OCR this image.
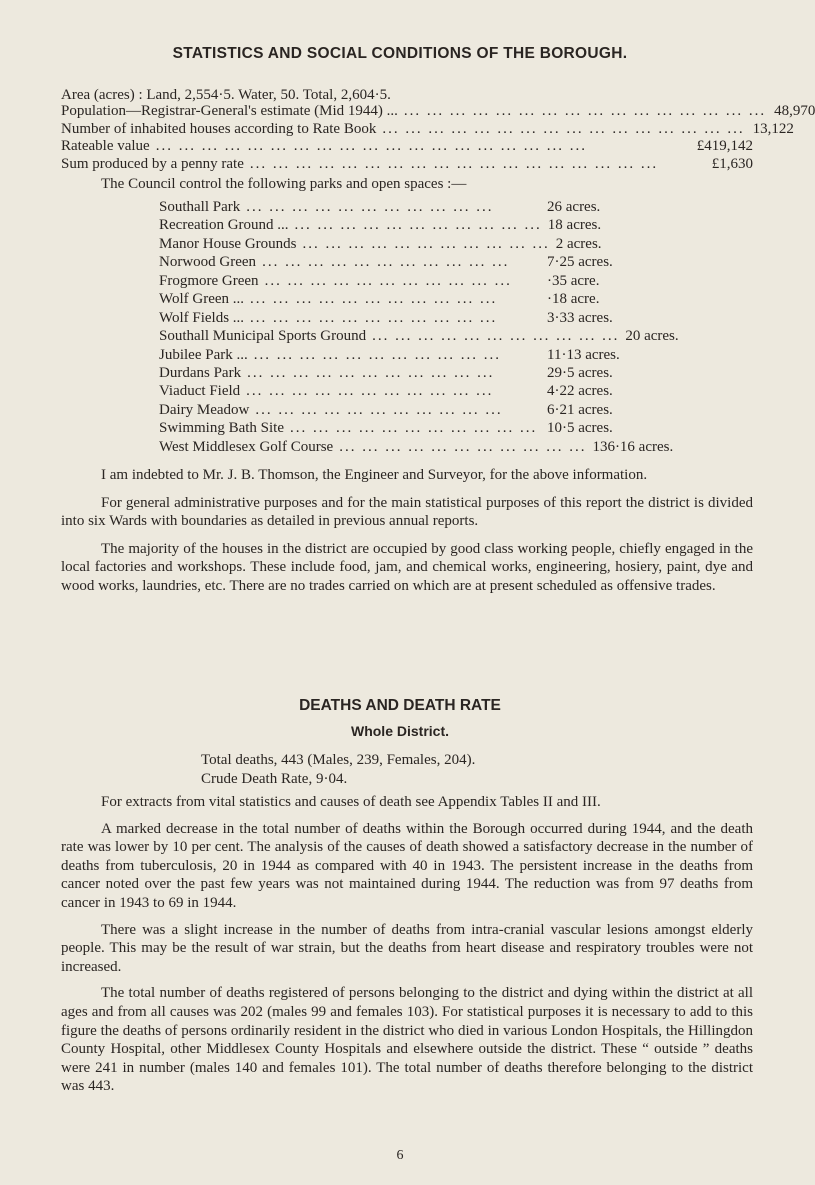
STATISTICS AND SOCIAL CONDITIONS OF THE BOROUGH.
Area (acres) : Land, 2,554·5. Water, 50. Total, 2,604·5.
Population—Registrar-General's estimate (Mid 1944) ... ... ... ... ... ... ... ... ... ... ... ... ... ... ... ... ... 48,970
Number of inhabited houses according to Rate Book ... ... ... ... ... ... ... ... ... ... ... ... ... ... ... ... 13,122
Rateable value ... ... ... ... ... ... ... ... ... ... ... ... ... ... ... ... ... ... ...	£419,142
Sum produced by a penny rate ... ... ... ... ... ... ... ... ... ... ... ... ... ... ... ... ... ...	£1,630
The Council control the following parks and open spaces :—
Southall Park ... ... ... ... ... ... ... ... ... ... ...	26 acres.
Recreation Ground ... ... ... ... ... ... ... ... ... ... ... ... 18 acres.
Manor House Grounds ... ... ... ... ... ... ... ... ... ... ... 2 acres.
Norwood Green ... ... ... ... ... ... ... ... ... ... ...	7·25 acres.
Frogmore Green ... ... ... ... ... ... ... ... ... ... ...	·35 acre.
Wolf Green ... ... ... ... ... ... ... ... ... ... ... ...	·18 acre.
Wolf Fields ... ... ... ... ... ... ... ... ... ... ... ...	3·33 acres.
Southall Municipal Sports Ground ... ... ... ... ... ... ... ... ... ... ... 20 acres.
Jubilee Park ... ... ... ... ... ... ... ... ... ... ... ...	11·13 acres.
Durdans Park ... ... ... ... ... ... ... ... ... ... ...	29·5 acres.
Viaduct Field ... ... ... ... ... ... ... ... ... ... ...	4·22 acres.
Dairy Meadow ... ... ... ... ... ... ... ... ... ... ...	6·21 acres.
Swimming Bath Site ... ... ... ... ... ... ... ... ... ... ... 10·5 acres.
West Middlesex Golf Course ... ... ... ... ... ... ... ... ... ... ... 136·16 acres.

I am indebted to Mr. J. B. Thomson, the Engineer and Surveyor, for the above information.

For general administrative purposes and for the main statistical purposes of this report the district is divided into six Wards with boundaries as detailed in previous annual reports.

The majority of the houses in the district are occupied by good class working people, chiefly engaged in the local factories and workshops. These include food, jam, and chemical works, engineering, hosiery, paint, dye and wood works, laundries, etc. There are no trades carried on which are at present scheduled as offensive trades.

DEATHS AND DEATH RATE
Whole District.
Total deaths, 443 (Males, 239, Females, 204).
Crude Death Rate, 9·04.

For extracts from vital statistics and causes of death see Appendix Tables II and III.

A marked decrease in the total number of deaths within the Borough occurred during 1944, and the death rate was lower by 10 per cent. The analysis of the causes of death showed a satisfactory decrease in the number of deaths from tuberculosis, 20 in 1944 as compared with 40 in 1943. The persistent increase in the deaths from cancer noted over the past few years was not maintained during 1944. The reduction was from 97 deaths from cancer in 1943 to 69 in 1944.

There was a slight increase in the number of deaths from intra-cranial vascular lesions amongst elderly people. This may be the result of war strain, but the deaths from heart disease and respiratory troubles were not increased.

The total number of deaths registered of persons belonging to the district and dying within the district at all ages and from all causes was 202 (males 99 and females 103). For statistical purposes it is necessary to add to this figure the deaths of persons ordinarily resident in the district who died in various London Hospitals, the Hillingdon County Hospital, other Middlesex County Hospitals and elsewhere outside the district. These “ outside ” deaths were 241 in number (males 140 and females 101). The total number of deaths therefore belonging to the district was 443.

6
